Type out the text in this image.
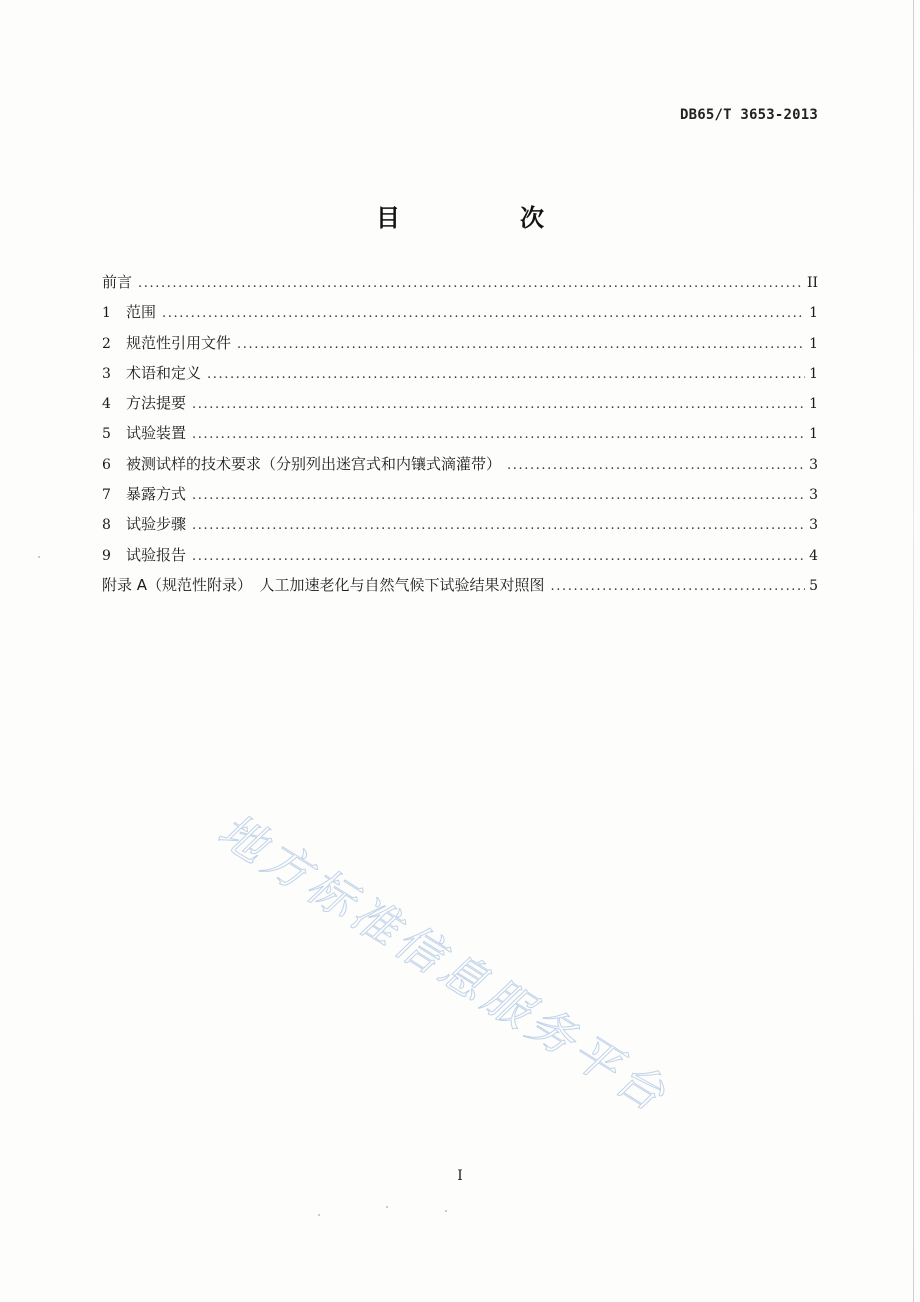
DB65/T 3653-2013
目　次
前言 .....	II
1	范围 .....	1
2	规范性引用文件 .....	1
3	术语和定义 .....	1
4	方法提要 .....	1
5	试验装置 .....	1
6	被测试样的技术要求（分别列出迷宫式和内镶式滴灌带） .....	3
7	暴露方式 .....	3
8	试验步骤 .....	3
9	试验报告 .....	4
附录 A（规范性附录）　人工加速老化与自然气候下试验结果对照图 .....	5
地方标准信息服务平台
I
